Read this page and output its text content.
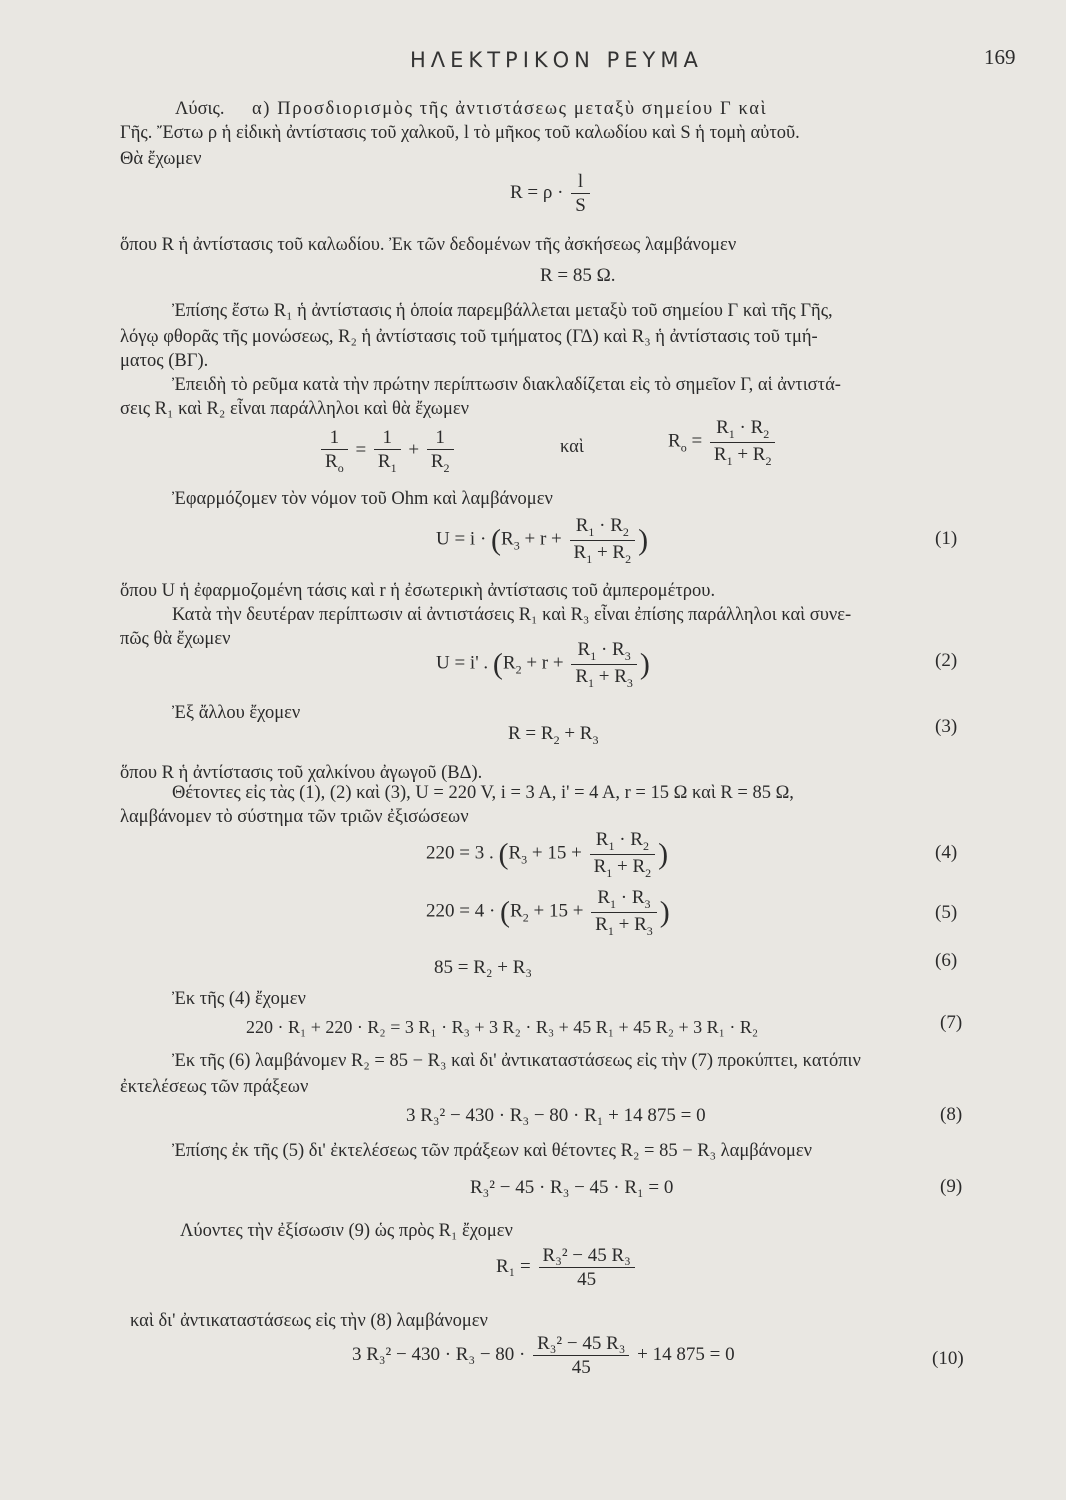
ΗΛΕΚΤΡΙΚΟΝ ΡΕΥΜΑ	169
Λύσις. α) Προσδιορισμὸς τῆς ἀντιστάσεως μεταξὺ σημείου Γ καὶ
Γῆς. Ἔστω ρ ἡ εἰδικὴ ἀντίστασις τοῦ χαλκοῦ, l τὸ μῆκος τοῦ καλωδίου καὶ S ἡ τομὴ αὐτοῦ.
Θὰ ἔχωμεν
$R = \rho \cdot \frac{l}{S}$
ὅπου R ἡ ἀντίστασις τοῦ καλωδίου. Ἐκ τῶν δεδομένων τῆς ἀσκήσεως λαμβάνομεν
R = 85 Ω.
Ἐπίσης ἔστω R₁ ἡ ἀντίστασις ἡ ὁποία παρεμβάλλεται μεταξὺ τοῦ σημείου Γ καὶ τῆς Γῆς,
λόγῳ φθορᾶς τῆς μονώσεως, R₂ ἡ ἀντίστασις τοῦ τμήματος (ΓΔ) καὶ R₃ ἡ ἀντίστασις τοῦ τμή-
ματος (ΒΓ).
Ἐπειδὴ τὸ ρεῦμα κατὰ τὴν πρώτην περίπτωσιν διακλαδίζεται εἰς τὸ σημεῖον Γ, αἱ ἀντιστά-
σεις R₁ καὶ R₂ εἶναι παράλληλοι καὶ θὰ ἔχωμεν
$\frac{1}{R_o} = \frac{1}{R_1} + \frac{1}{R_2}$	καὶ	$R_o = \frac{R_1 \cdot R_2}{R_1 + R_2}$
Ἐφαρμόζομεν τὸν νόμον τοῦ Ohm καὶ λαμβάνομεν
$U = i \cdot (R_3 + r + \frac{R_1 \cdot R_2}{R_1 + R_2}$ )	(1)
ὅπου U ἡ ἐφαρμοζομένη τάσις καὶ r ἡ ἐσωτερικὴ ἀντίστασις τοῦ ἀμπερομέτρου.
Κατὰ τὴν δευτέραν περίπτωσιν αἱ ἀντιστάσεις R₁ καὶ R₃ εἶναι ἐπίσης παράλληλοι καὶ συνε-
πῶς θὰ ἔχωμεν
U = i' . ($R_2 + r + \frac{R_1 \cdot R_3}{R_1 + R_3}$ )	(2)
Ἐξ ἄλλου ἔχομεν
$R = R_2 + R_3$
(3)
ὅπου R ἡ ἀντίστασις τοῦ χαλκίνου ἀγωγοῦ (ΒΔ).
Θέτοντες εἰς τὰς (1), (2) καὶ (3), U = 220 V, i = 3 A, i' = 4 A, r = 15 Ω καὶ R = 85 Ω,
λαμβάνομεν τὸ σύστημα τῶν τριῶν ἐξισώσεων
220 = 3 . ($R_3 + 15 + \frac{R_1 \cdot R_2}{R_1 + R_2}$ )	(4)
$220 = 4 \cdot (R_2 + 15 + \frac{R_1 \cdot R_3}{R_1 + R_3}$ )	(5)
85 = R₂ + R₃	(6)
Ἐκ τῆς (4) ἔχομεν
220 · R₁ + 220 · R₂ = 3 R₁ · R₃ + 3 R₂ · R₃ + 45 R₁ + 45 R₂ + 3 R₁ · R₂	(7)
Ἐκ τῆς (6) λαμβάνομεν R₂ = 85 − R₃ καὶ δι' ἀντικαταστάσεως εἰς τὴν (7) προκύπτει, κατόπιν
ἐκτελέσεως τῶν πράξεων
3 R₃² − 430 · R₃ − 80 · R₁ + 14 875 = 0	(8)
Ἐπίσης ἐκ τῆς (5) δι' ἐκτελέσεως τῶν πράξεων καὶ θέτοντες R₂ = 85 − R₃ λαμβάνομεν
R₃² − 45 · R₃ − 45 · R₁ = 0	(9)
Λύοντες τὴν ἐξίσωσιν (9) ὡς πρὸς R₁ ἔχομεν
$R_1 = \frac{\text{R₃² − 45 R₃}}{45}$
καὶ δι' ἀντικαταστάσεως εἰς τὴν (8) λαμβάνομεν
3 $R_3^2 - 430 \cdot R_3 - 80 \cdot \frac{\text{R₃² − 45 R₃}}{45} + 14$ 875 = 0	(10)
